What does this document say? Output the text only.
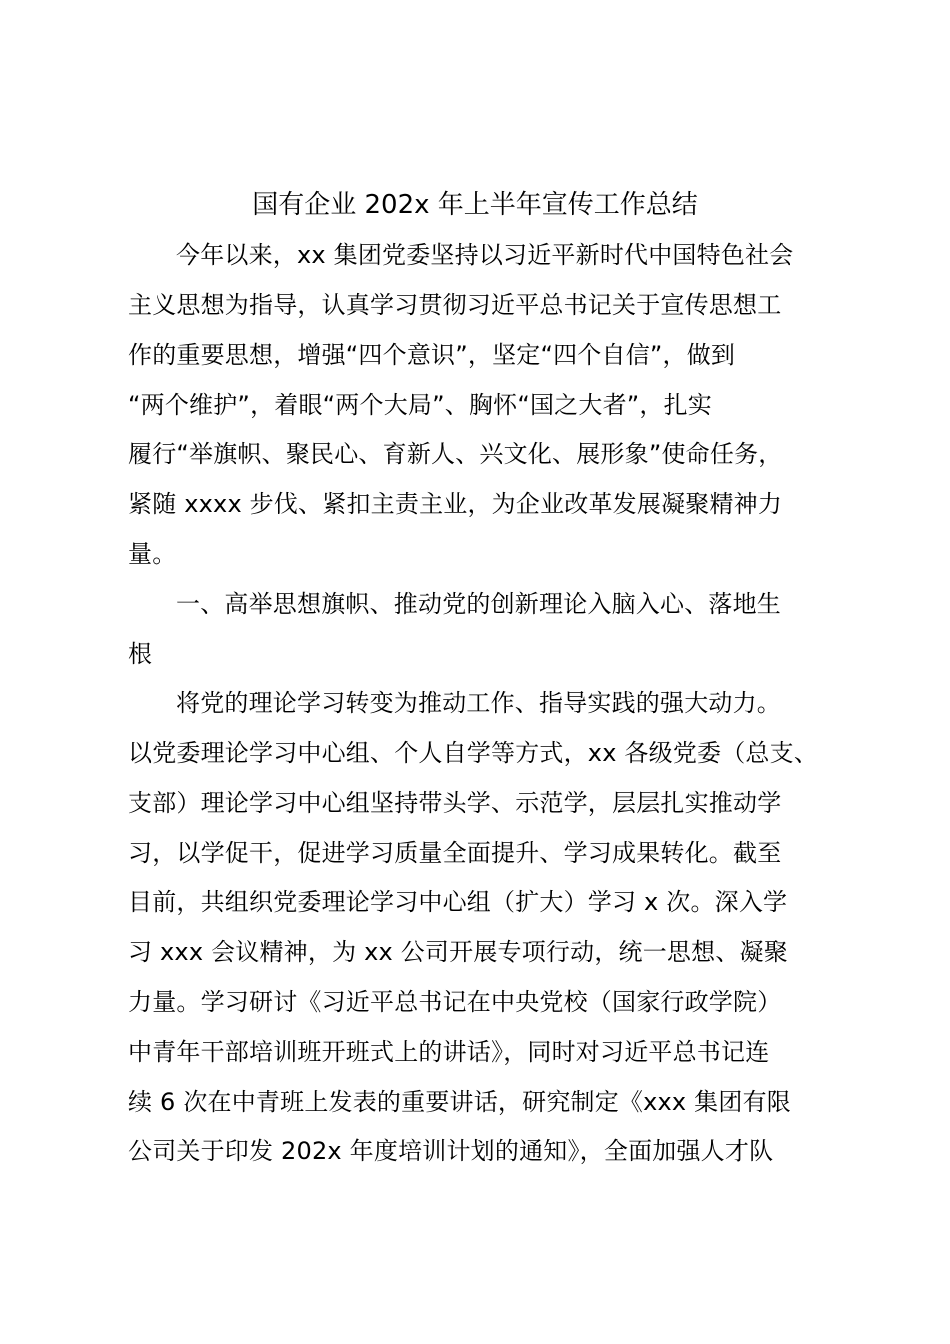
国有企业 202x 年上半年宣传工作总结
今年以来，xx 集团党委坚持以习近平新时代中国特色社会
主义思想为指导，认真学习贯彻习近平总书记关于宣传思想工
作的重要思想，增强“四个意识”，坚定“四个自信”，做到
“两个维护”，着眼“两个大局”、胸怀“国之大者”，扎实
履行“举旗帜、聚民心、育新人、兴文化、展形象”使命任务，
紧随 xxxx 步伐、紧扣主责主业，为企业改革发展凝聚精神力
量。
一、高举思想旗帜、推动党的创新理论入脑入心、落地生
根
将党的理论学习转变为推动工作、指导实践的强大动力。
以党委理论学习中心组、个人自学等方式，xx 各级党委（总支、
支部）理论学习中心组坚持带头学、示范学，层层扎实推动学
习，以学促干，促进学习质量全面提升、学习成果转化。截至
目前，共组织党委理论学习中心组（扩大）学习 x 次。深入学
习 xxx 会议精神，为 xx 公司开展专项行动，统一思想、凝聚
力量。学习研讨《习近平总书记在中央党校（国家行政学院）
中青年干部培训班开班式上的讲话》，同时对习近平总书记连
续 6 次在中青班上发表的重要讲话，研究制定《xxx 集团有限
公司关于印发 202x 年度培训计划的通知》，全面加强人才队
